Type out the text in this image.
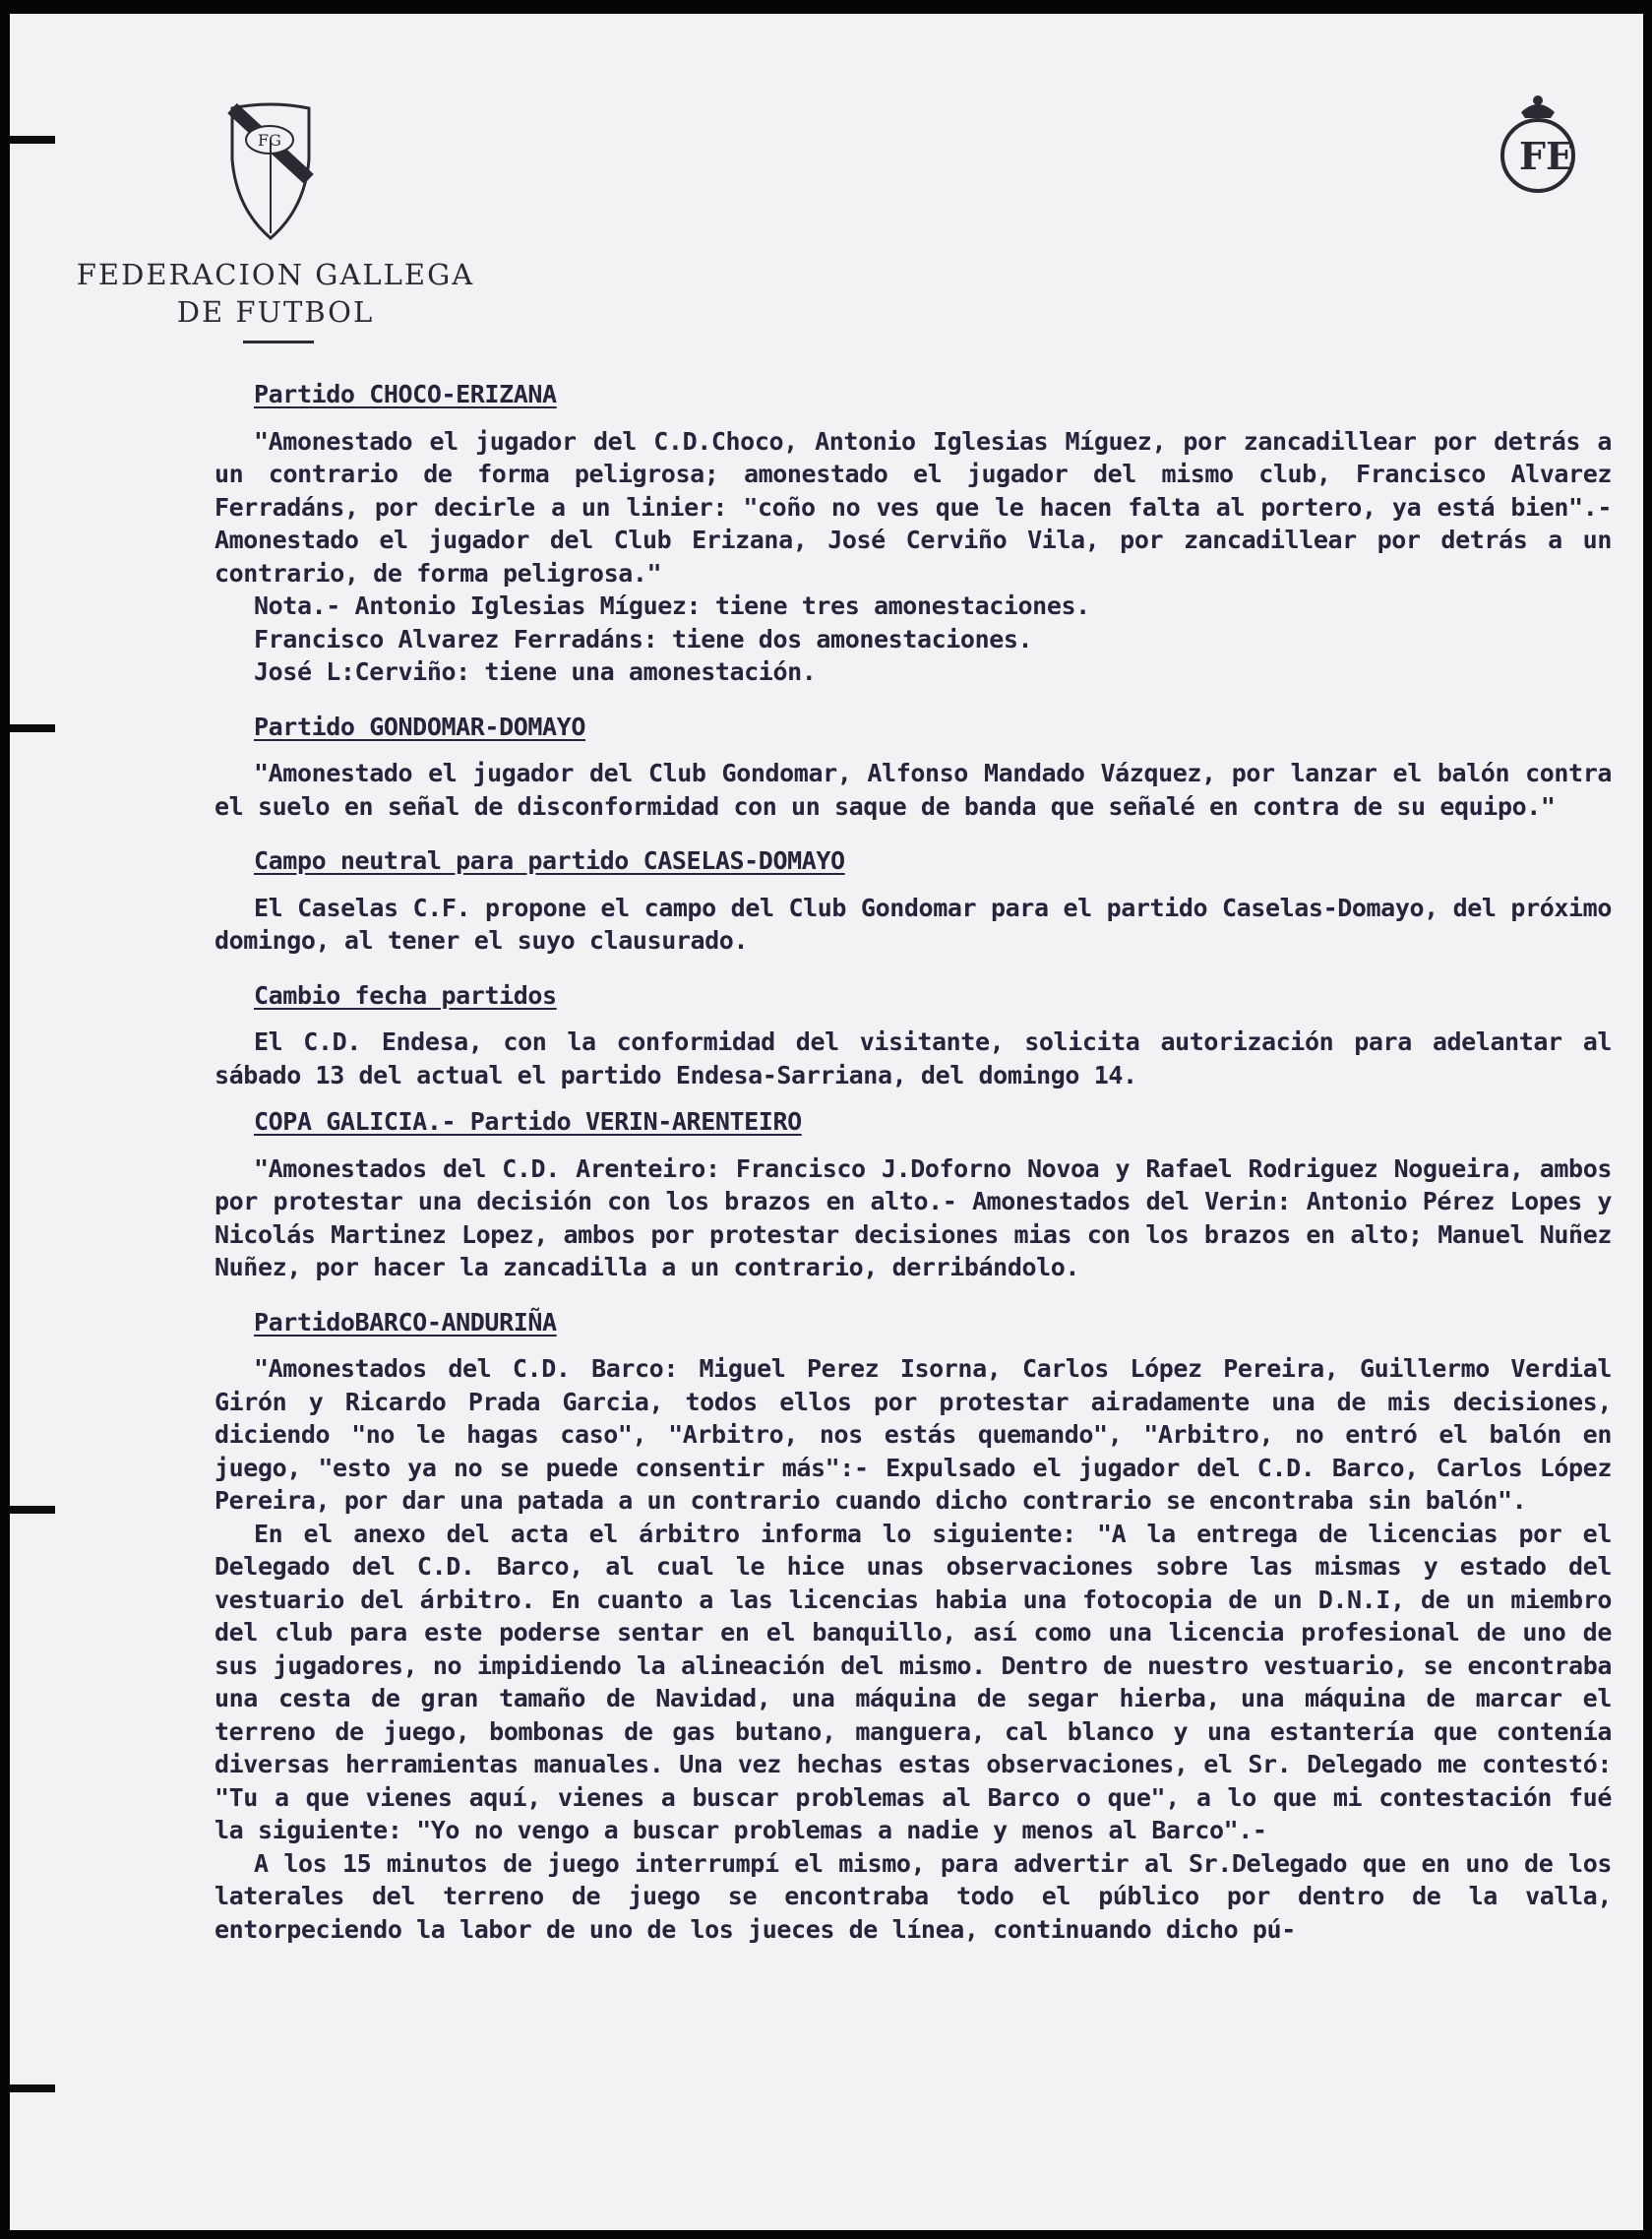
FG
FEDERACION GALLEGA
DE FUTBOL
FE
Partido CHOCO-ERIZANA

"Amonestado el jugador del C.D.Choco, Antonio Iglesias Míguez, por zancadillear por detrás a un contrario de forma peligrosa; amonestado el jugador del mismo club, Francisco Alvarez Ferradáns, por decirle a un linier: "coño no ves que le hacen falta al portero, ya está bien".- Amonestado el jugador del Club Erizana, José Cerviño Vila, por zancadillear por detrás a un contrario, de forma peligrosa."

Nota.- Antonio Iglesias Míguez: tiene tres amonestaciones.
Francisco Alvarez Ferradáns: tiene dos amonestaciones.
José L:Cerviño: tiene una amonestación.
Partido GONDOMAR-DOMAYO

"Amonestado el jugador del Club Gondomar, Alfonso Mandado Vázquez, por lanzar el balón contra el suelo en señal de disconformidad con un saque de banda que señalé en contra de su equipo."

Campo neutral para partido CASELAS-DOMAYO

El Caselas C.F. propone el campo del Club Gondomar para el partido Caselas-Domayo, del próximo domingo, al tener el suyo clausurado.

Cambio fecha partidos

El C.D. Endesa, con la conformidad del visitante, solicita autorización para adelantar al sábado 13 del actual el partido Endesa-Sarriana, del domingo 14.

COPA GALICIA.- Partido VERIN-ARENTEIRO

"Amonestados del C.D. Arenteiro: Francisco J.Doforno Novoa y Rafael Rodriguez Nogueira, ambos por protestar una decisión con los brazos en alto.- Amonestados del Verin: Antonio Pérez Lopes y Nicolás Martinez Lopez, ambos por protestar decisiones mias con los brazos en alto; Manuel Nuñez Nuñez, por hacer la zancadilla a un contrario, derribándolo.

PartidoBARCO-ANDURIÑA

"Amonestados del C.D. Barco: Miguel Perez Isorna, Carlos López Pereira, Guillermo Verdial Girón y Ricardo Prada Garcia, todos ellos por protestar airadamente una de mis decisiones, diciendo "no le hagas caso", "Arbitro, nos estás quemando", "Arbitro, no entró el balón en juego, "esto ya no se puede consentir más":- Expulsado el jugador del C.D. Barco, Carlos López Pereira, por dar una patada a un contrario cuando dicho contrario se encontraba sin balón".

En el anexo del acta el árbitro informa lo siguiente: "A la entrega de licencias por el Delegado del C.D. Barco, al cual le hice unas observaciones sobre las mismas y estado del vestuario del árbitro. En cuanto a las licencias habia una fotocopia de un D.N.I, de un miembro del club para este poderse sentar en el banquillo, así como una licencia profesional de uno de sus jugadores, no impidiendo la alineación del mismo. Dentro de nuestro vestuario, se encontraba una cesta de gran tamaño de Navidad, una máquina de segar hierba, una máquina de marcar el terreno de juego, bombonas de gas butano, manguera, cal blanco y una estantería que contenía diversas herramientas manuales. Una vez hechas estas observaciones, el Sr. Delegado me contestó: "Tu a que vienes aquí, vienes a buscar problemas al Barco o que", a lo que mi contestación fué la siguiente: "Yo no vengo a buscar problemas a nadie y menos al Barco".-

A los 15 minutos de juego interrumpí el mismo, para advertir al Sr.Delegado que en uno de los laterales del terreno de juego se encontraba todo el público por dentro de la valla, entorpeciendo la labor de uno de los jueces de línea, continuando dicho pú-
